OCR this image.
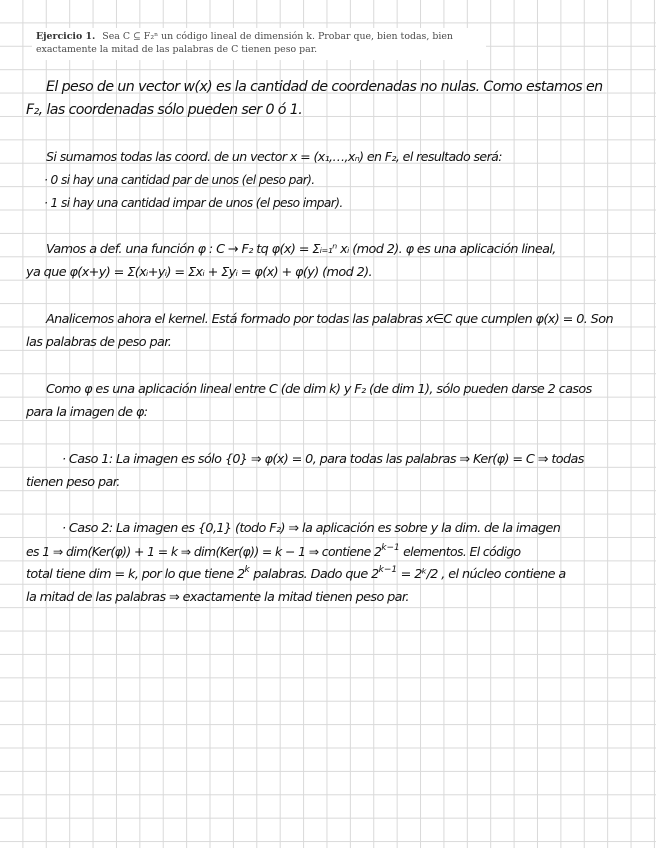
Ejercicio 1. Sea C ⊆ F₂ⁿ un código lineal de dimensión k. Probar que, bien todas, bien exactamente la mitad de las palabras de C tienen peso par.
El peso de un vector w(x) es la cantidad de coordenadas no nulas. Como estamos en
F₂, las coordenadas sólo pueden ser 0 ó 1.
Si sumamos todas las coord. de un vector x = (x₁,…,xₙ) en F₂, el resultado será:
· 0 si hay una cantidad par de unos (el peso par).
· 1 si hay una cantidad impar de unos (el peso impar).
Vamos a def. una función φ : C → F₂ tq φ(x) = Σᵢ₌₁ⁿ xᵢ (mod 2). φ es una aplicación lineal,
ya que φ(x+y) = Σ(xᵢ+yᵢ) = Σxᵢ + Σyᵢ = φ(x) + φ(y) (mod 2).
Analicemos ahora el kernel. Está formado por todas las palabras x∈C que cumplen φ(x) = 0. Son
las palabras de peso par.
Como φ es una aplicación lineal entre C (de dim k) y F₂ (de dim 1), sólo pueden darse 2 casos
para la imagen de φ:
· Caso 1: La imagen es sólo {0} ⇒ φ(x) = 0, para todas las palabras ⇒ Ker(φ) = C ⇒ todas
tienen peso par.
· Caso 2: La imagen es {0,1} (todo F₂) ⇒ la aplicación es sobre y la dim. de la imagen
es 1 ⇒ dim(Ker(φ)) + 1 = k ⇒ dim(Ker(φ)) = k − 1 ⇒ contiene $2^{k-1}$ elementos. El código
total tiene dim = k, por lo que tiene 2$^k$ palabras. Dado que $2^{k-1}$ = 2ᵏ/2 , el núcleo contiene a
la mitad de las palabras ⇒ exactamente la mitad tienen peso par.
